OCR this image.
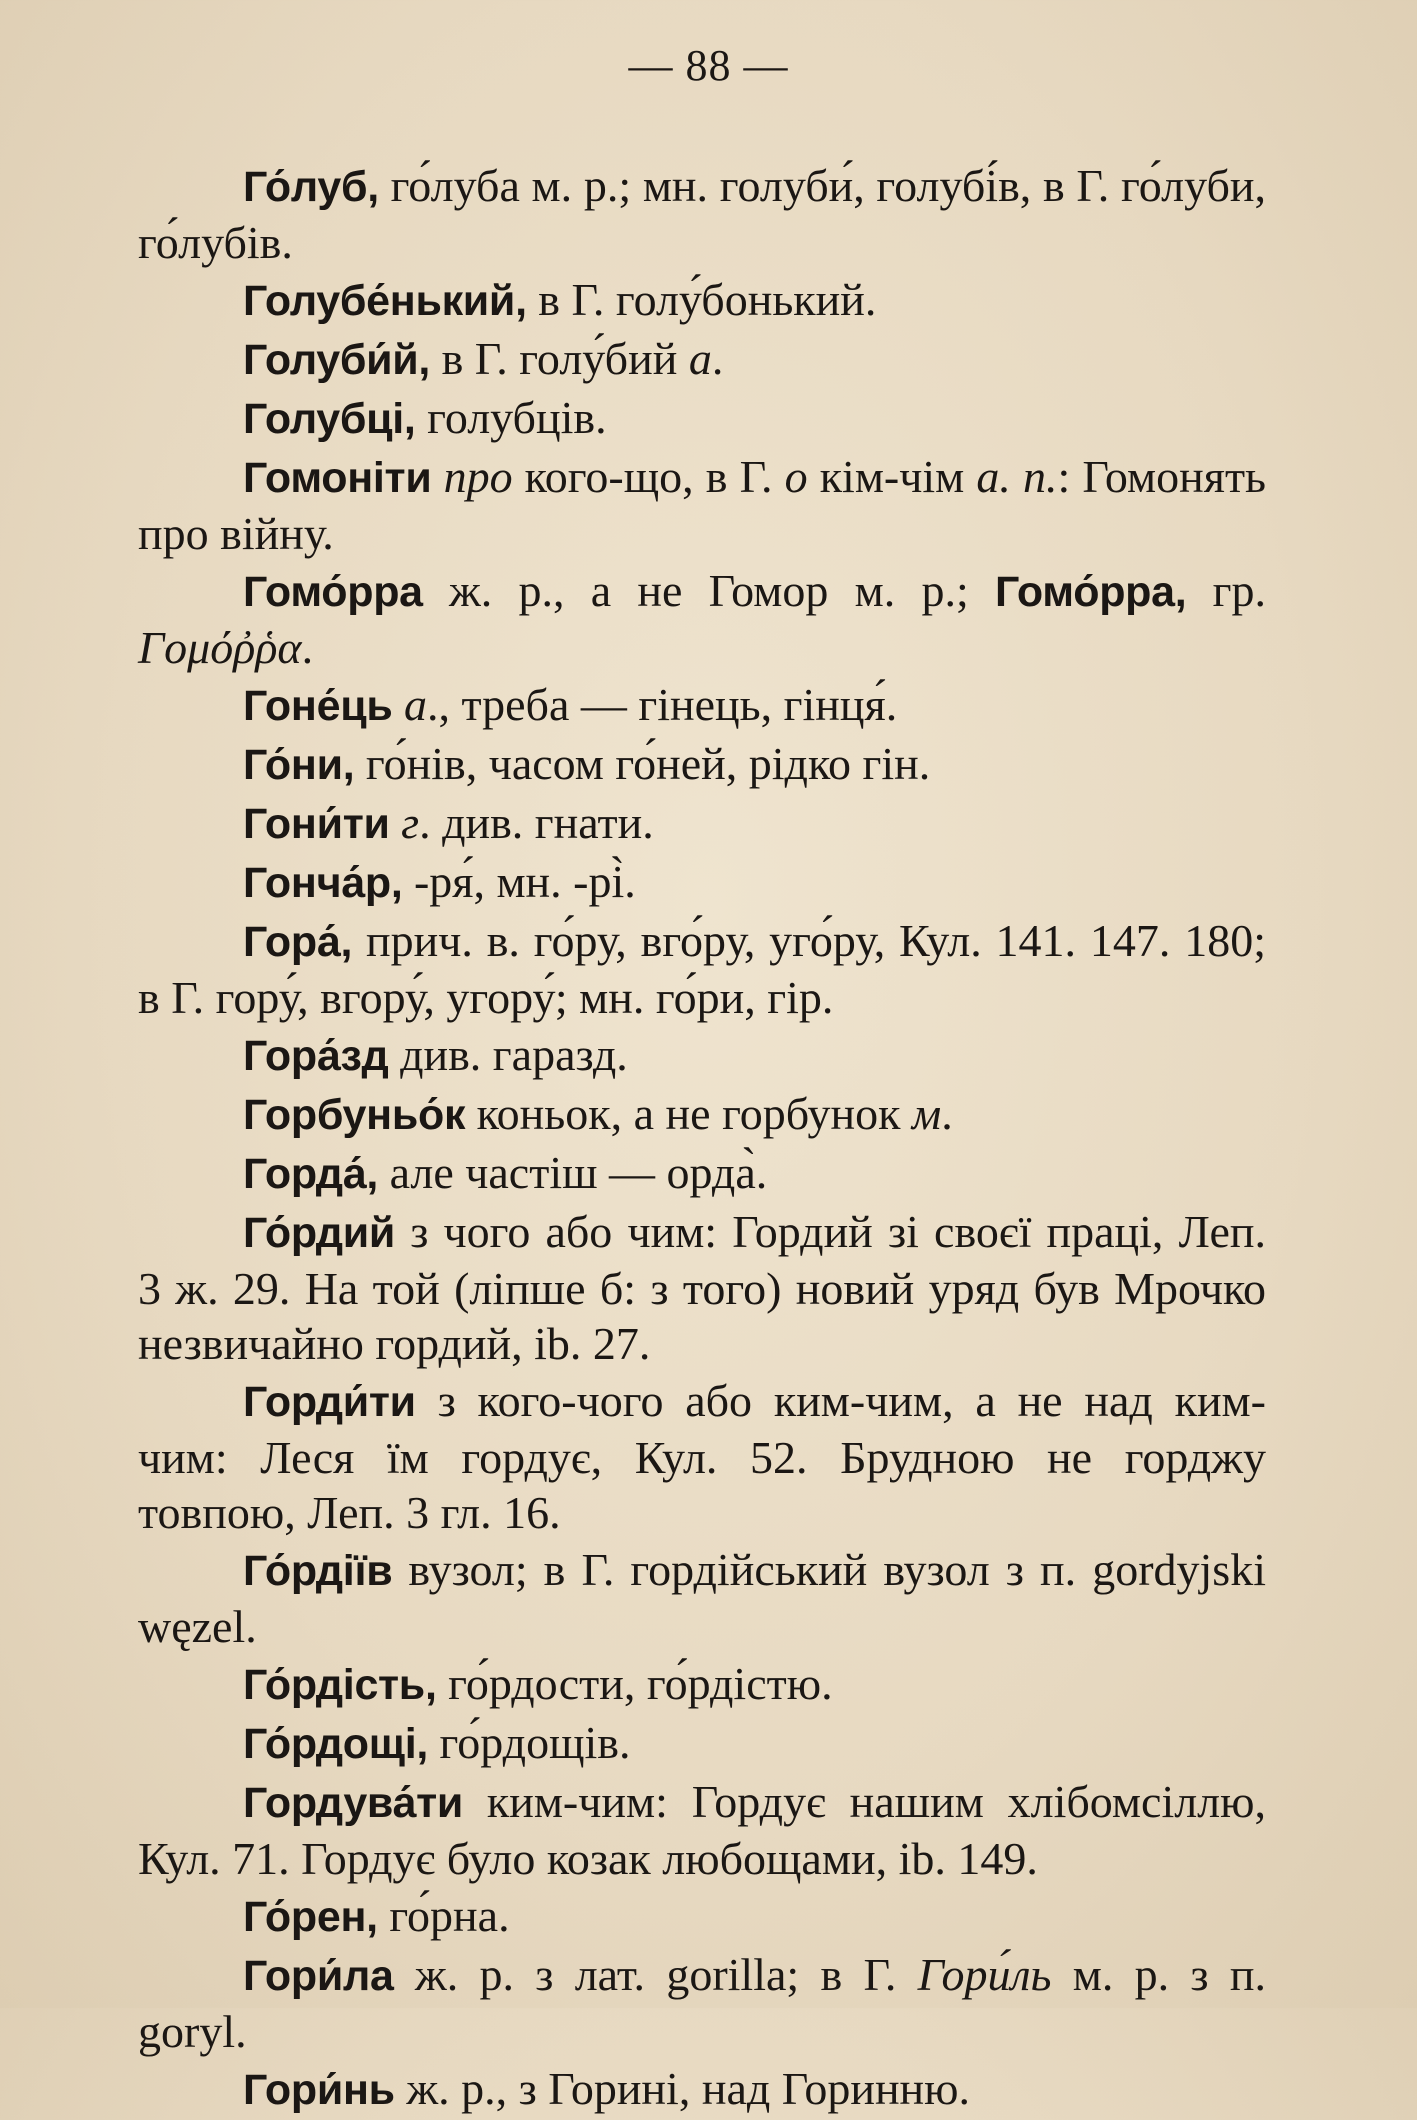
— 88 —

Го́луб, го́луба м. р.; мн. голуби́, голубі́в, в Г. го́луби, го́лубів.

Голубе́нький, в Г. голу́бонький.

Голуби́й, в Г. голу́бий а.

Голубці, голубців.

Гомоніти про кого-що, в Г. о кім-чім а. п.: Гомонять про війну.

Гомо́рра ж. р., а не Гомор м. р.; Гомо́рра, гр. Γομόῤῥα.

Гоне́ць а., треба — гінець, гінця́.

Го́ни, го́нів, часом го́ней, рідко гін.

Гони́ти г. див. гнати.

Гонча́р, -ря́, мн. -рі̀.

Гора́, прич. в. го́ру, вго́ру, уго́ру, Кул. 141. 147. 180; в Г. гору́, вгору́, угору́; мн. го́ри, гір.

Гора́зд див. гаразд.

Горбуньо́к коньок, а не горбунок м.

Горда́, але частіш — орда̀.

Го́рдий з чого або чим: Гордий зі своєї праці, Леп. 3 ж. 29. На той (ліпше б: з того) новий уряд був Мрочко незвичайно гордий, ib. 27.

Горди́ти з кого-чого або ким-чим, а не над ким-чим: Леся їм гордує, Кул. 52. Брудною не горджу товпою, Леп. 3 гл. 16.

Го́рдіїв вузол; в Г. гордійський вузол з п. gordyjski węzel.

Го́рдість, го́рдости, го́рдістю.

Го́рдощі, го́рдощів.

Гордува́ти ким-чим: Гордує нашим хлібомсіллю, Кул. 71. Гордує було козак любощами, ib. 149.

Го́рен, го́рна.

Гори́ла ж. р. з лат. gorilla; в Г. Гори́ль м. р. з п. goryl.

Гори́нь ж. р., з Горині, над Горинню.
